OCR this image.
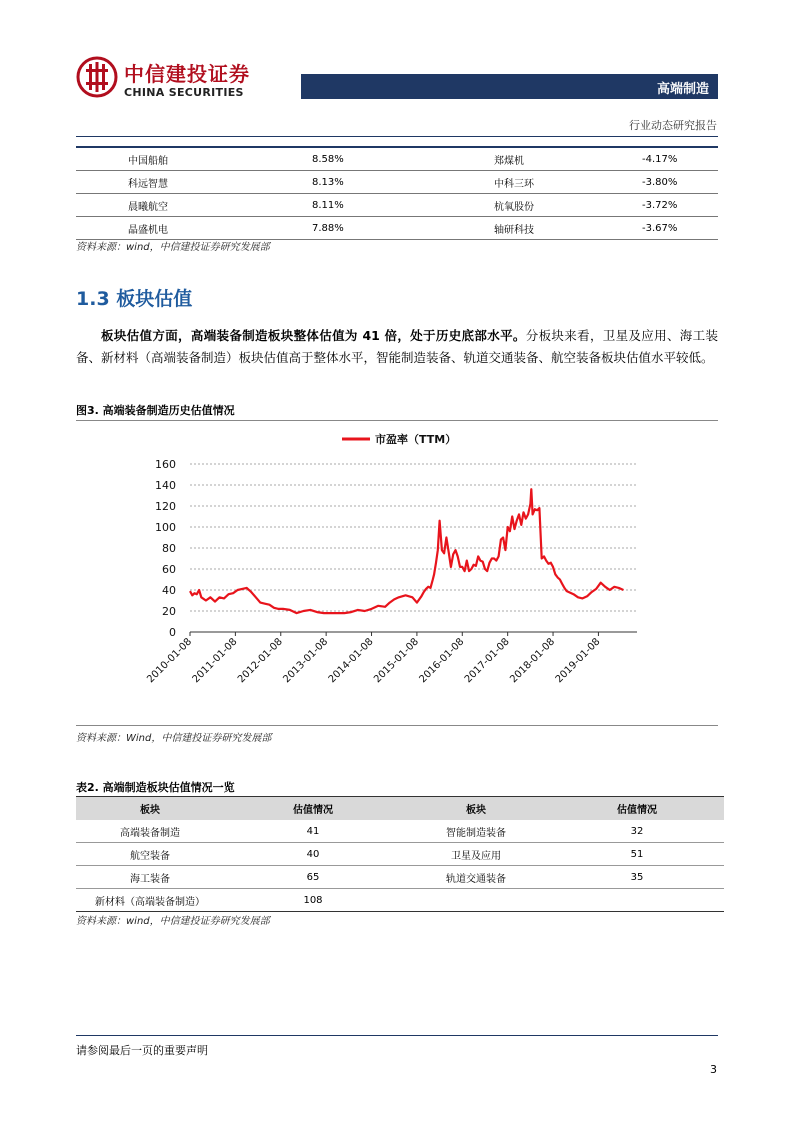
中信建投证券
CHINA SECURITIES	高端制造
行业动态研究报告
中国船舶	8.58%	郑煤机	-4.17%
科远智慧	8.13%	中科三环	-3.80%
晨曦航空	8.11%	杭氧股份	-3.72%
晶盛机电	7.88%	轴研科技	-3.67%
资料来源：wind，中信建投证券研究发展部
1.3 板块估值
板块估值方面，高端装备制造板块整体估值为 41 倍，处于历史底部水平。分板块来看，卫星及应用、海工装备、新材料（高端装备制造）板块估值高于整体水平，智能制造装备、轨道交通装备、航空装备板块估值水平较低。
图3. 高端装备制造历史估值情况
市盈率（TTM）
0
20
40
60
80
100
120
140
160
2010-01-08
2011-01-08
2012-01-08
2013-01-08
2014-01-08
2015-01-08
2016-01-08
2017-01-08
2018-01-08
2019-01-08
资料来源：Wind，中信建投证券研究发展部
表2. 高端制造板块估值情况一览
板块	估值情况	板块	估值情况
高端装备制造	41	智能制造装备	32
航空装备	40	卫星及应用	51
海工装备	65	轨道交通装备	35
新材料（高端装备制造）	108		
资料来源：wind，中信建投证券研究发展部
请参阅最后一页的重要声明
3
